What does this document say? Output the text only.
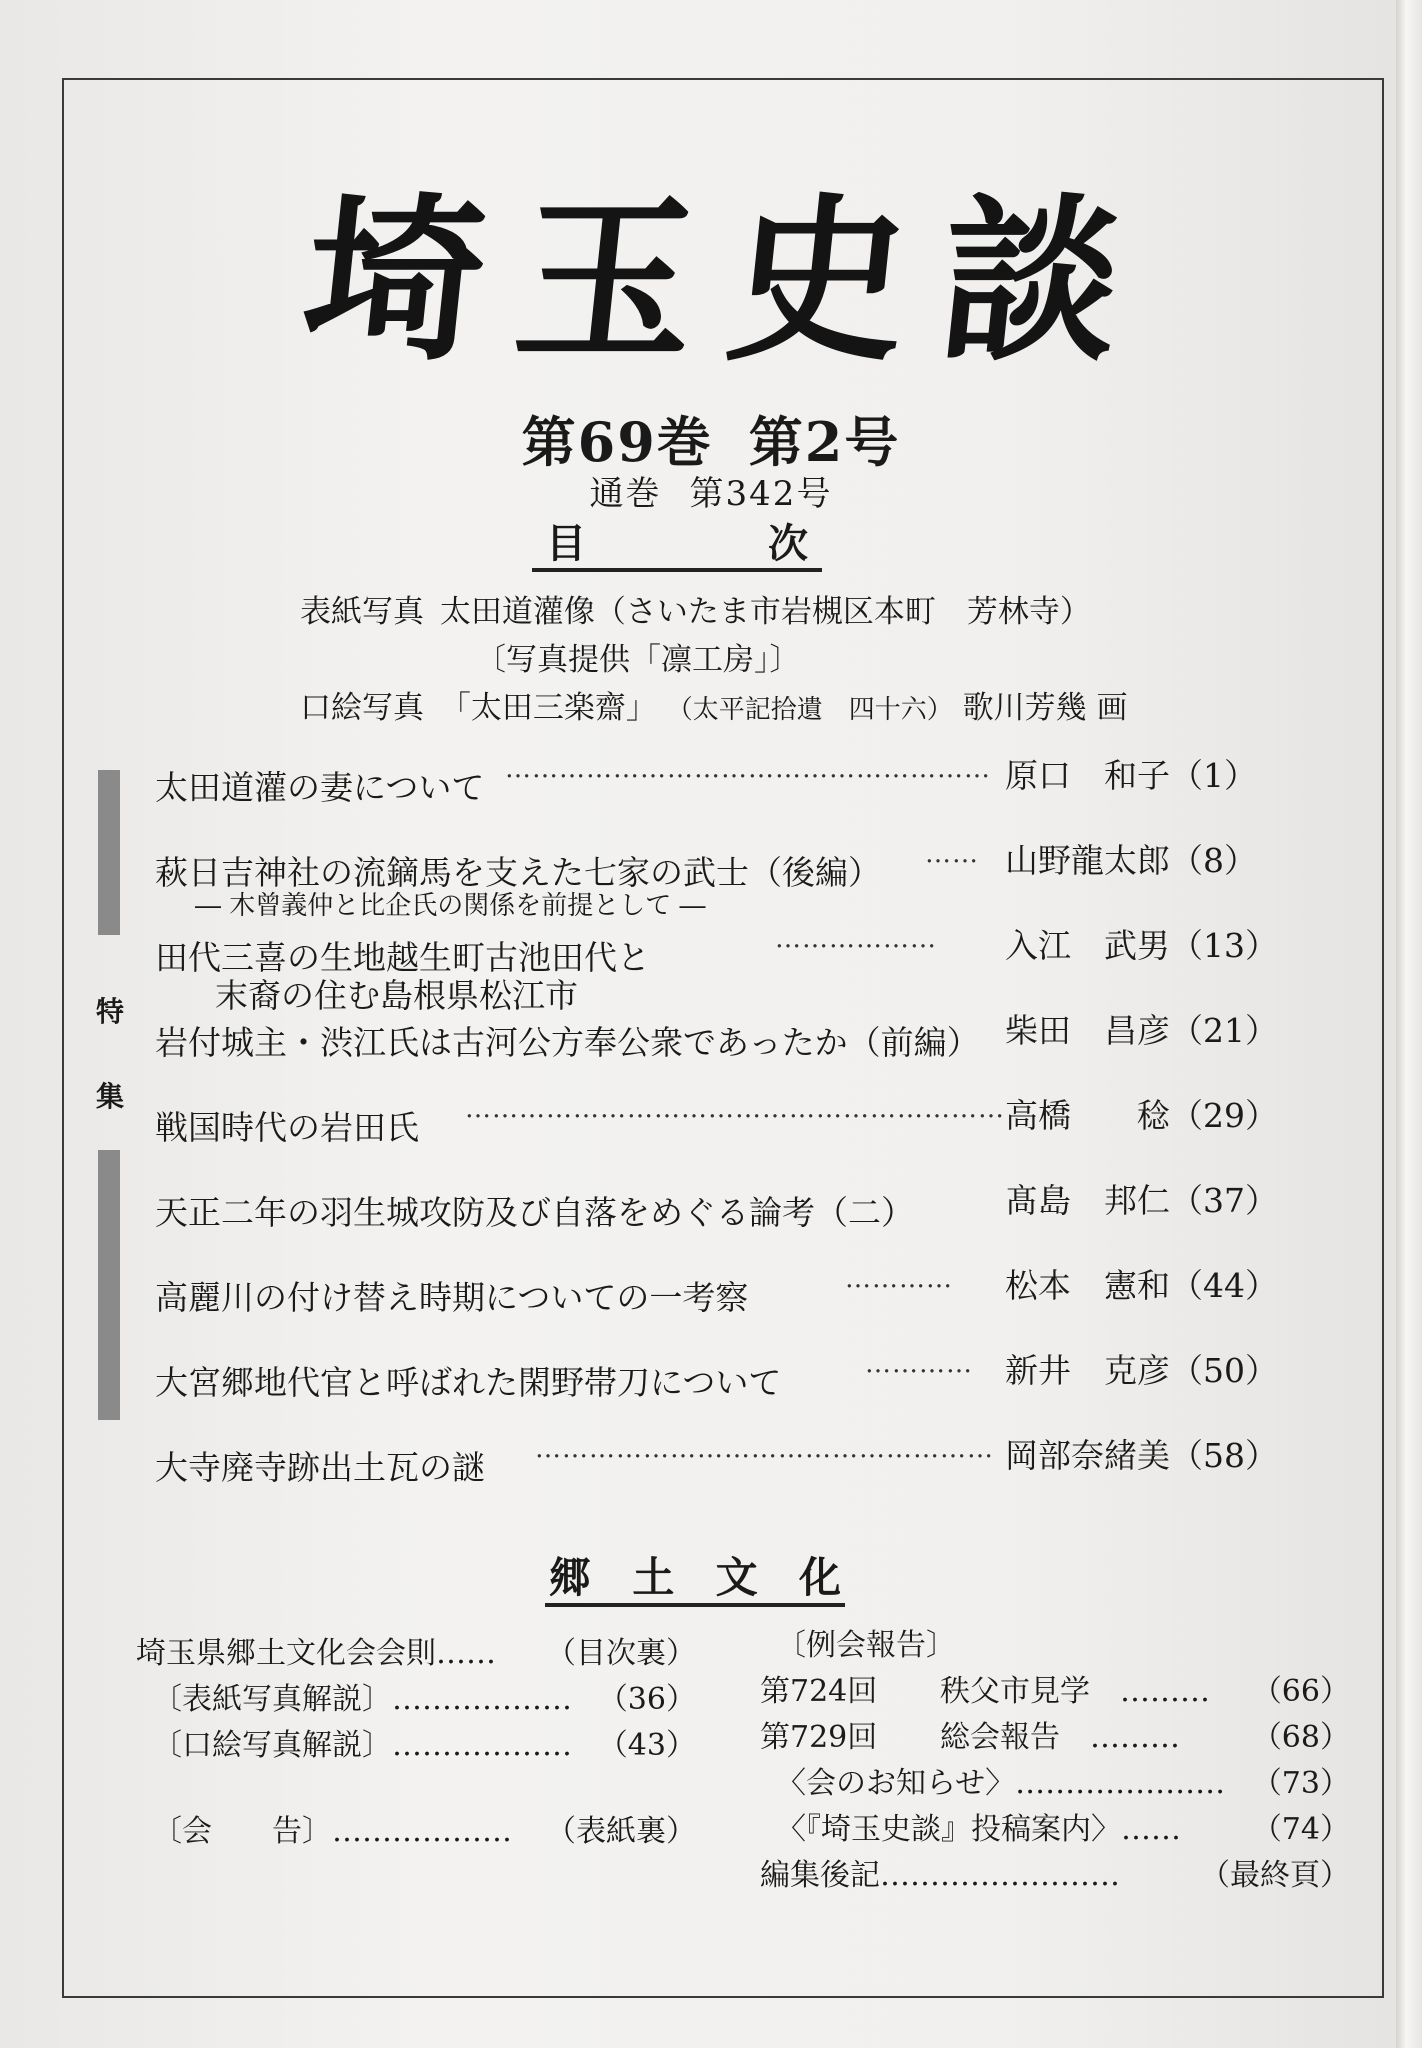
埼玉史談
第69巻 第2号
通巻 第342号
目	次
表紙写真 太田道灌像（さいたま市岩槻区本町　芳林寺）
〔写真提供「凛工房」〕
口絵写真 「太田三楽齋」 （太平記拾遺　四十六） 歌川芳幾 画
特
集
太田道灌の妻について ……………………………………………… 原口　和子（1）
萩日吉神社の流鏑馬を支えた七家の武士（後編） …… 山野龍太郎（8）
― 木曾義仲と比企氏の関係を前提として ―
田代三喜の生地越生町古池田代と
末裔の住む島根県松江市
……………… 入江　武男（13）
岩付城主・渋江氏は古河公方奉公衆であったか（前編） 柴田　昌彦（21）
戦国時代の岩田氏 …………………………………………………… 高橋　　稔（29）
天正二年の羽生城攻防及び自落をめぐる論考（二）	髙島　邦仁（37）
高麗川の付け替え時期についての一考察	………… 松本　憲和（44）
大宮郷地代官と呼ばれた閑野帯刀について	………… 新井　克彦（50）
大寺廃寺跡出土瓦の謎 …………………………………………… 岡部奈緒美（58）
郷 土 文 化
埼玉県郷土文化会会則…… （目次裏）
〔表紙写真解説〕……………… （36）
〔口絵写真解説〕……………… （43）
〔会　　告〕……………… （表紙裏）
〔例会報告〕
第724回 秩父市見学　……… （66）
第729回 総会報告　……… （68）
〈会のお知らせ〉………………… （73）
〈『埼玉史談』投稿案内〉…… （74）
編集後記……………………	（最終頁）
